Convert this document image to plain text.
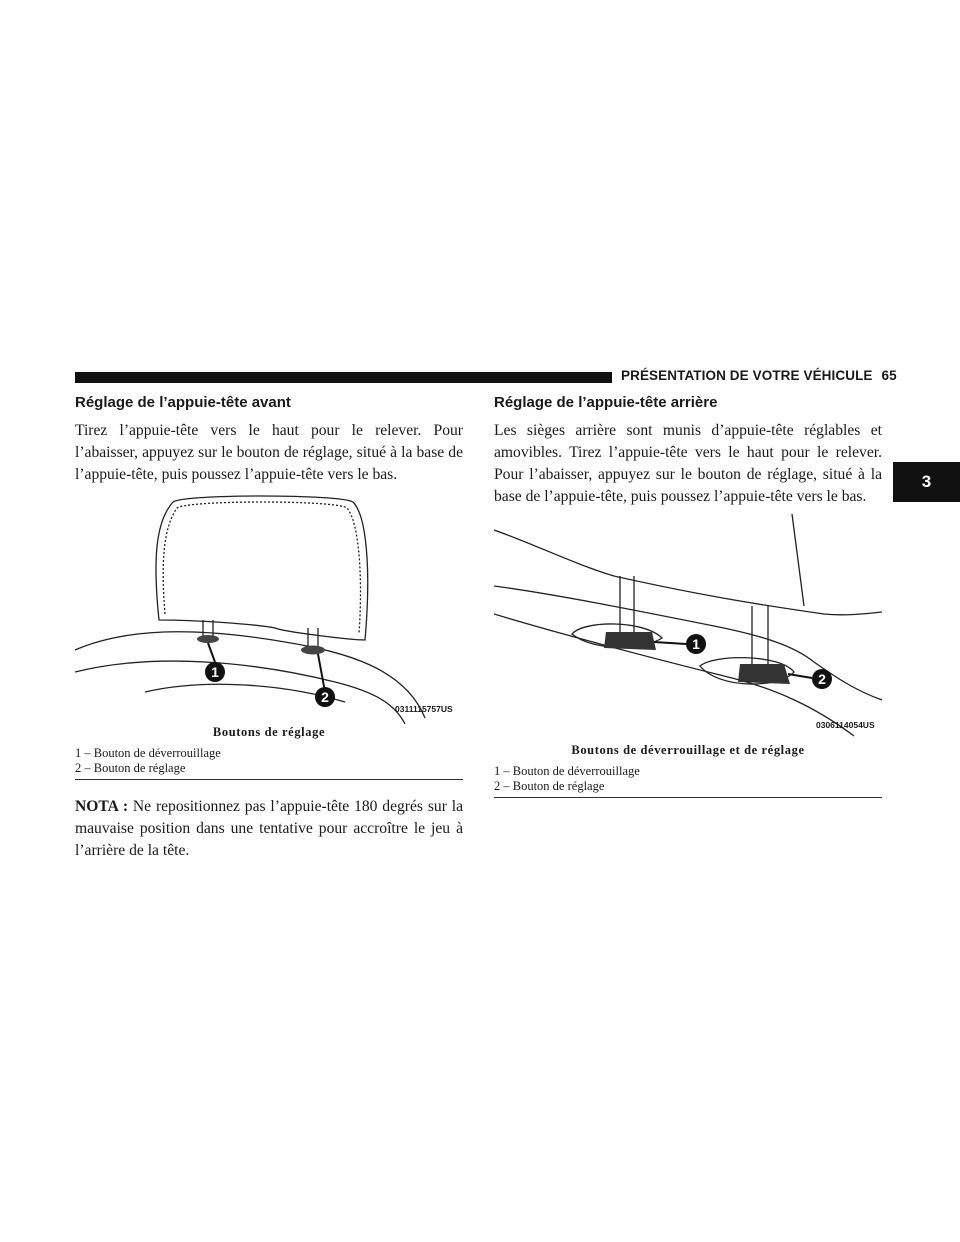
PRÉSENTATION DE VOTRE VÉHICULE 65
3
Réglage de l’appuie-tête avant

Tirez l’appuie-tête vers le haut pour le relever. Pour l’abaisser, appuyez sur le bouton de réglage, situé à la base de l’appuie-tête, puis poussez l’appuie-tête vers le bas.

1
2
0311115757US
Boutons de réglage
1 – Bouton de déverrouillage
2 – Bouton de réglage

NOTA : Ne repositionnez pas l’appuie-tête 180 degrés sur la mauvaise position dans une tentative pour accroître le jeu à l’arrière de la tête.

Réglage de l’appuie-tête arrière

Les sièges arrière sont munis d’appuie-tête réglables et amovibles. Tirez l’appuie-tête vers le haut pour le relever. Pour l’abaisser, appuyez sur le bouton de réglage, situé à la base de l’appuie-tête, puis poussez l’appuie-tête vers le bas.

1
2
0306114054US
Boutons de déverrouillage et de réglage
1 – Bouton de déverrouillage
2 – Bouton de réglage
